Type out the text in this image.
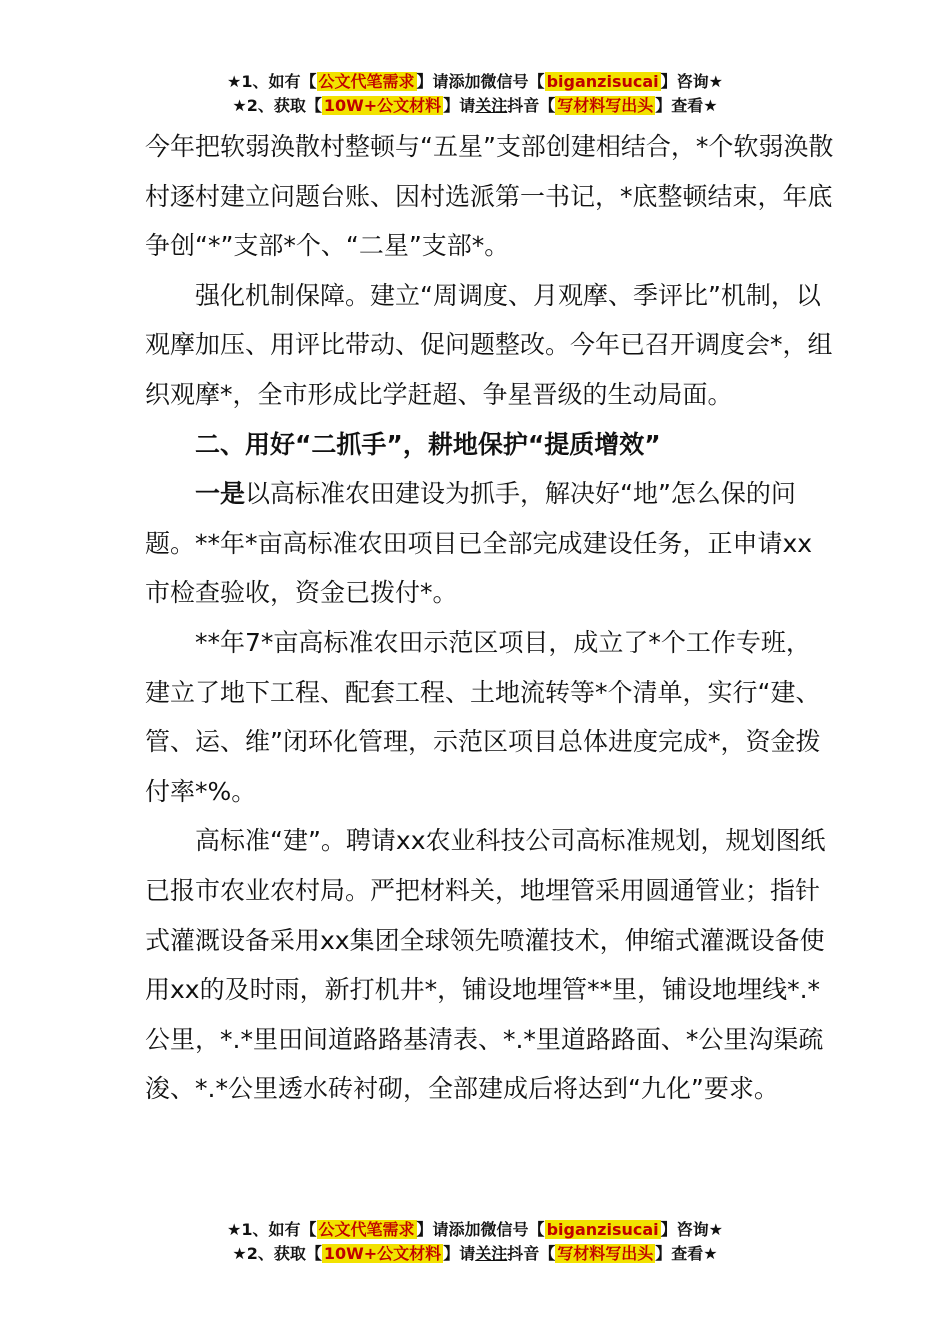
★1、如有【 公文代笔需求 】请添加微信号【 biganzisucai 】咨询★
★2、获取【 10W+公文材料 】请关注抖音【 写材料写出头 】查看★

今年把软弱涣散村整顿与“五星”支部创建相结合，*个软弱涣散村逐村建立问题台账、因村选派第一书记，*底整顿结束，年底争创“*”支部*个、“二星”支部*。

强化机制保障。建立“周调度、月观摩、季评比”机制，以观摩加压、用评比带动、促问题整改。今年已召开调度会*，组织观摩*，全市形成比学赶超、争星晋级的生动局面。

二、用好“二抓手”，耕地保护“提质增效”

一是以高标准农田建设为抓手，解决好“地”怎么保的问题。**年*亩高标准农田项目已全部完成建设任务，正申请xx市检查验收，资金已拨付*。

**年7*亩高标准农田示范区项目，成立了*个工作专班，建立了地下工程、配套工程、土地流转等*个清单，实行“建、管、运、维”闭环化管理，示范区项目总体进度完成*，资金拨付率*%。

高标准“建”。聘请xx农业科技公司高标准规划，规划图纸已报市农业农村局。严把材料关，地埋管采用圆通管业；指针式灌溉设备采用xx集团全球领先喷灌技术，伸缩式灌溉设备使用xx的及时雨，新打机井*，铺设地埋管**里，铺设地埋线*.*公里，*.*里田间道路路基清表、*.*里道路路面、*公里沟渠疏浚、*.*公里透水砖衬砌，全部建成后将达到“九化”要求。

★1、如有【 公文代笔需求 】请添加微信号【 biganzisucai 】咨询★
★2、获取【 10W+公文材料 】请关注抖音【 写材料写出头 】查看★
